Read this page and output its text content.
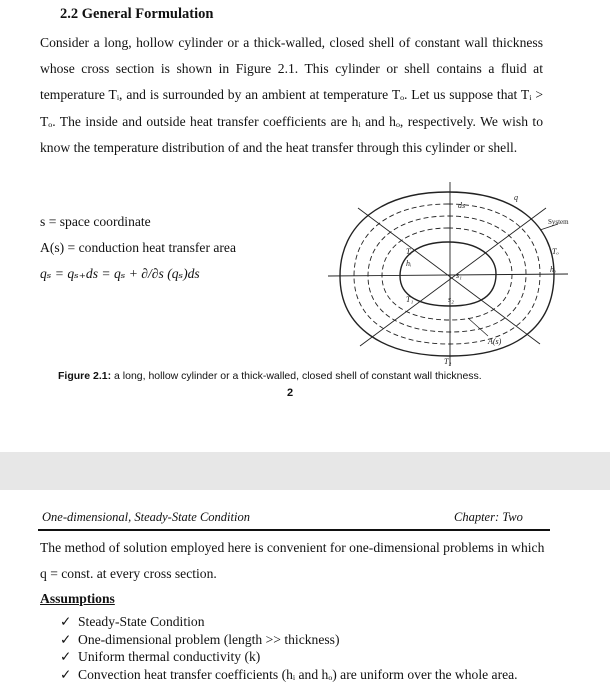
2.2 General Formulation

Consider a long, hollow cylinder or a thick-walled, closed shell of constant wall thickness whose cross section is shown in Figure 2.1. This cylinder or shell contains a fluid at temperature Tᵢ, and is surrounded by an ambient at temperature Tₒ. Let us suppose that Tᵢ > Tₒ. The inside and outside heat transfer coefficients are hᵢ and hₒ, respectively. We wish to know the temperature distribution of and the heat transfer through this cylinder or shell.

s = space coordinate
A(s) = conduction heat transfer area
qₛ = qₛ₊ds = qₛ + ∂/∂s (qₛ)ds
ds
q
System
Tᵢ
hᵢ
Tₒ
hₒ
T₁
s₁
s₂
A(s)
T₂
Figure 2.1: a long, hollow cylinder or a thick-walled, closed shell of constant wall thickness.
2
One-dimensional, Steady-State Condition	Chapter: Two

The method of solution employed here is convenient for one-dimensional problems in which q = const. at every cross section.

Assumptions
✓ Steady-State Condition
✓ One-dimensional problem (length >> thickness)
✓ Uniform thermal conductivity (k)
✓ Convection heat transfer coefficients (hᵢ and hₒ) are uniform over the whole area.
